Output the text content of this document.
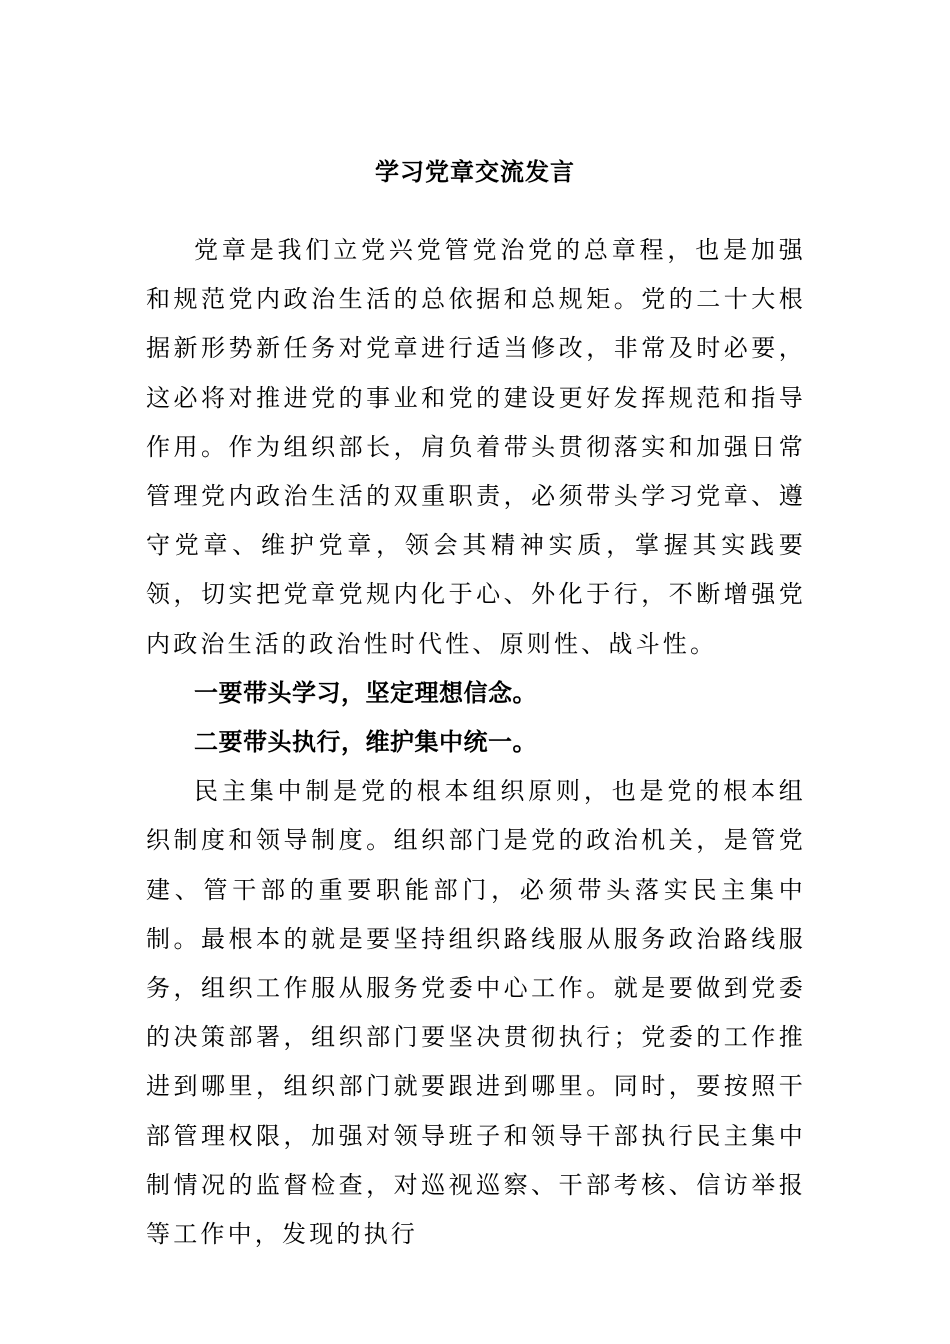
学习党章交流发言

党章是我们立党兴党管党治党的总章程，也是加强和规范党内政治生活的总依据和总规矩。党的二十大根据新形势新任务对党章进行适当修改，非常及时必要，这必将对推进党的事业和党的建设更好发挥规范和指导作用。作为组织部长，肩负着带头贯彻落实和加强日常管理党内政治生活的双重职责，必须带头学习党章、遵守党章、维护党章，领会其精神实质，掌握其实践要领，切实把党章党规内化于心、外化于行，不断增强党内政治生活的政治性时代性、原则性、战斗性。

一要带头学习，坚定理想信念。

二要带头执行，维护集中统一。

民主集中制是党的根本组织原则，也是党的根本组织制度和领导制度。组织部门是党的政治机关，是管党建、管干部的重要职能部门，必须带头落实民主集中制。最根本的就是要坚持组织路线服从服务政治路线服务，组织工作服从服务党委中心工作。就是要做到党委的决策部署，组织部门要坚决贯彻执行；党委的工作推进到哪里，组织部门就要跟进到哪里。同时，要按照干部管理权限，加强对领导班子和领导干部执行民主集中制情况的监督检查，对巡视巡察、干部考核、信访举报等工作中，发现的执行
